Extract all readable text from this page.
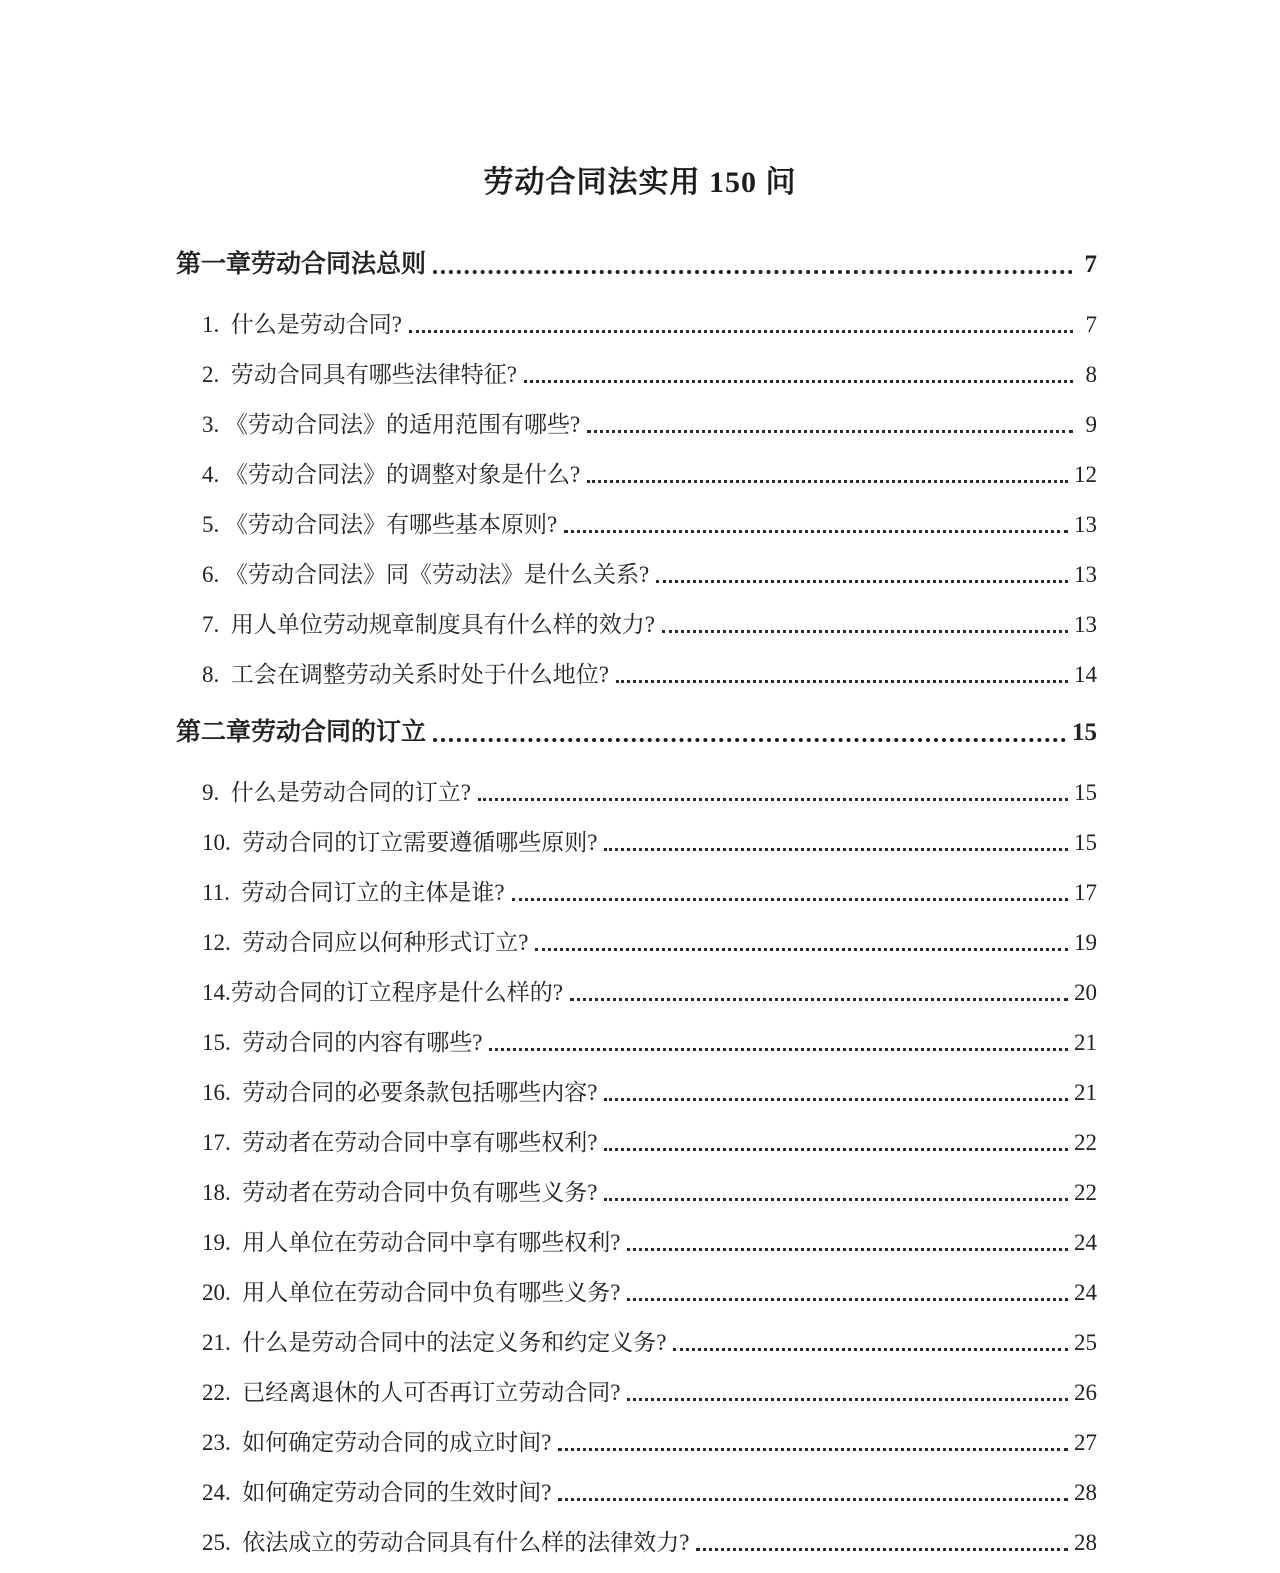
劳动合同法实用 150 问
第一章劳动合同法总则	7
1.  什么是劳动合同?	7
2.  劳动合同具有哪些法律特征?	8
3. 《劳动合同法》的适用范围有哪些?	9
4. 《劳动合同法》的调整对象是什么?	12
5. 《劳动合同法》有哪些基本原则?	13
6. 《劳动合同法》同《劳动法》是什么关系?	13
7.  用人单位劳动规章制度具有什么样的效力?	13
8.  工会在调整劳动关系时处于什么地位?	14
第二章劳动合同的订立	15
9.  什么是劳动合同的订立?	15
10.  劳动合同的订立需要遵循哪些原则?	15
11.  劳动合同订立的主体是谁?	17
12.  劳动合同应以何种形式订立?	19
14.劳动合同的订立程序是什么样的?	20
15.  劳动合同的内容有哪些?	21
16.  劳动合同的必要条款包括哪些内容?	21
17.  劳动者在劳动合同中享有哪些权利?	22
18.  劳动者在劳动合同中负有哪些义务?	22
19.  用人单位在劳动合同中享有哪些权利?	24
20.  用人单位在劳动合同中负有哪些义务?	24
21.  什么是劳动合同中的法定义务和约定义务?	25
22.  已经离退休的人可否再订立劳动合同?	26
23.  如何确定劳动合同的成立时间?	27
24.  如何确定劳动合同的生效时间?	28
25.  依法成立的劳动合同具有什么样的法律效力?	28
